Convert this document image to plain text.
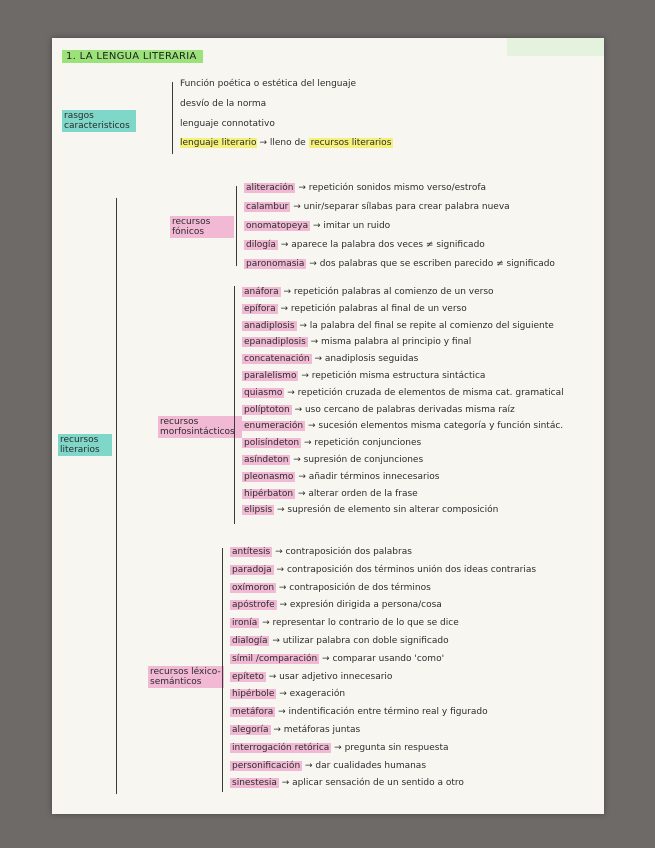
1. LA LENGUA LITERARIA
rasgos caracteristicos
Función poética o estética del lenguaje
desvío de la norma
lenguaje connotativo
lenguaje literario → lleno de recursos literarios
recursos literarios
recursos fónicos
aliteración → repetición sonidos mismo verso/estrofa
calambur → unir/separar sílabas para crear palabra nueva
onomatopeya → imitar un ruido
dilogía → aparece la palabra dos veces ≠ significado
paronomasia → dos palabras que se escriben parecido ≠ significado
recursos morfosintácticos
anáfora → repetición palabras al comienzo de un verso
epífora → repetición palabras al final de un verso
anadiplosis → la palabra del final se repite al comienzo del siguiente
epanadiplosis → misma palabra al principio y final
concatenación → anadiplosis seguidas
paralelismo → repetición misma estructura sintáctica
quiasmo → repetición cruzada de elementos de misma cat. gramatical
políptoton → uso cercano de palabras derivadas misma raíz
enumeración → sucesión elementos misma categoría y función sintác.
polisíndeton → repetición conjunciones
asíndeton → supresión de conjunciones
pleonasmo → añadir términos innecesarios
hipérbaton → alterar orden de la frase
elipsis → supresión de elemento sin alterar composición
recursos léxico-semánticos
antítesis → contraposición dos palabras
paradoja → contraposición dos términos unión dos ideas contrarias
oxímoron → contraposición de dos términos
apóstrofe → expresión dirigida a persona/cosa
ironía → representar lo contrario de lo que se dice
dialogía → utilizar palabra con doble significado
símil /comparación → comparar usando 'como'
epíteto → usar adjetivo innecesario
hipérbole → exageración
metáfora → indentificación entre término real y figurado
alegoría → metáforas juntas
interrogación retórica → pregunta sin respuesta
personificación → dar cualidades humanas
sinestesia → aplicar sensación de un sentido a otro
